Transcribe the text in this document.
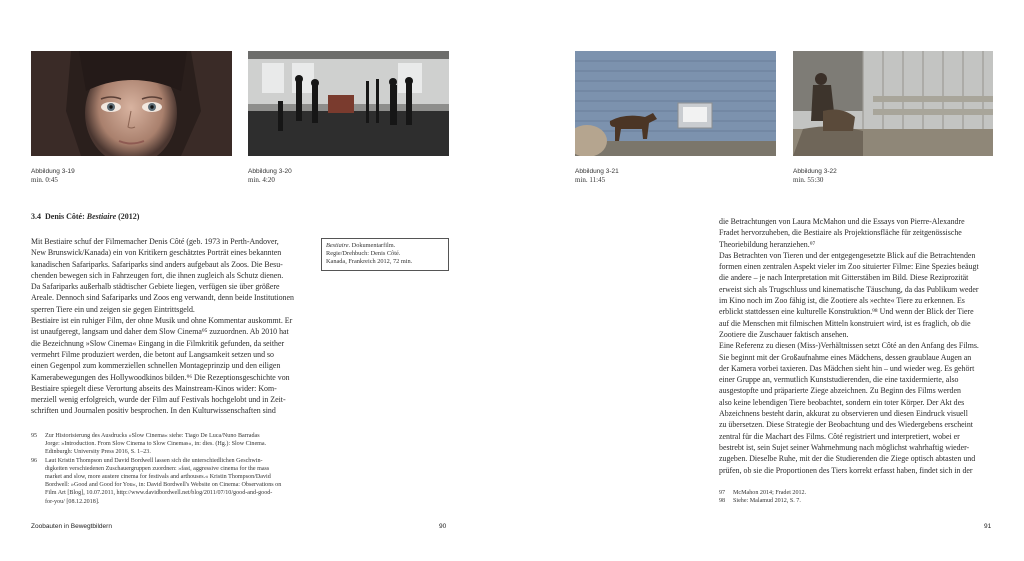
Abbildung 3-19
min. 0:45
Abbildung 3-20
min. 4:20
3.4 Denis Côté: Bestiaire (2012)

Mit Bestiaire schuf der Filmemacher Denis Côté (geb. 1973 in Perth-Andover,

New Brunswick/Kanada) ein von Kritikern geschätztes Porträt eines bekannten

kanadischen Safariparks. Safariparks sind anders aufgebaut als Zoos. Die Besu-

chenden bewegen sich in Fahrzeugen fort, die ihnen zugleich als Schutz dienen.

Da Safariparks außerhalb städtischer Gebiete liegen, verfügen sie über größere

Areale. Dennoch sind Safariparks und Zoos eng verwandt, denn beide Institutionen

sperren Tiere ein und zeigen sie gegen Eintrittsgeld.

Bestiaire ist ein ruhiger Film, der ohne Musik und ohne Kommentar auskommt. Er

ist unaufgeregt, langsam und daher dem Slow Cinema⁹⁵ zuzuordnen. Ab 2010 hat

die Bezeichnung »Slow Cinema« Eingang in die Filmkritik gefunden, da seither

vermehrt Filme produziert werden, die betont auf Langsamkeit setzen und so

einen Gegenpol zum kommerziellen schnellen Montageprinzip und den eiligen

Kamerabewegungen des Hollywoodkinos bilden.⁹⁶ Die Rezeptionsgeschichte von

Bestiaire spiegelt diese Verortung abseits des Mainstream-Kinos wider: Kom-

merziell wenig erfolgreich, wurde der Film auf Festivals hochgelobt und in Zeit-

schriften und Journalen positiv besprochen. In den Kulturwissenschaften sind

Bestiaire. Dokumentarfilm.
Regie/Drehbuch: Denis Côté.
Kanada, Frankreich 2012, 72 min.
95	Zur Historisierung des Ausdrucks »Slow Cinema« siehe: Tiago De Luca/Nuno Barradas
Jorge: »Introduction. From Slow Cinema to Slow Cinemas«, in: dies. (Hg.): Slow Cinema.
Edinburgh: University Press 2016, S. 1–23.
96	Laut Kristin Thompson und David Bordwell lassen sich die unterschiedlichen Geschwin-
digkeiten verschiedenen Zuschauergruppen zuordnen: »fast, aggressive cinema for the mass
market and slow, more austere cinema for festivals and arthouses.« Kristin Thompson/David
Bordwell: »Good and Good for You«, in: David Bordwell's Website on Cinema: Observations on
Film Art [Blog], 10.07.2011, http://www.davidbordwell.net/blog/2011/07/10/good-and-good-
for-you/ [08.12.2018].
Zoobauten in Bewegtbildern	90
Abbildung 3-21
min. 11:45
Abbildung 3-22
min. 55:30

die Betrachtungen von Laura McMahon und die Essays von Pierre-Alexandre

Fradet hervorzuheben, die Bestiaire als Projektionsfläche für zeitgenössische

Theoriebildung heranziehen.⁹⁷

Das Betrachten von Tieren und der entgegengesetzte Blick auf die Betrachtenden

formen einen zentralen Aspekt vieler im Zoo situierter Filme: Eine Spezies beäugt

die andere – je nach Interpretation mit Gitterstäben im Bild. Diese Reziprozität

erweist sich als Trugschluss und kinematische Täuschung, da das Publikum weder

im Kino noch im Zoo fähig ist, die Zootiere als »echte« Tiere zu erkennen. Es

erblickt stattdessen eine kulturelle Konstruktion.⁹⁸ Und wenn der Blick der Tiere

auf die Menschen mit filmischen Mitteln konstruiert wird, ist es fraglich, ob die

Zootiere die Zuschauer faktisch ansehen.

Eine Referenz zu diesen (Miss-)Verhältnissen setzt Côté an den Anfang des Films.

Sie beginnt mit der Großaufnahme eines Mädchens, dessen graublaue Augen an

der Kamera vorbei taxieren. Das Mädchen sieht hin – und wieder weg. Es gehört

einer Gruppe an, vermutlich Kunststudierenden, die eine taxidermierte, also

ausgestopfte und präparierte Ziege abzeichnen. Zu Beginn des Films werden

also keine lebendigen Tiere beobachtet, sondern ein toter Körper. Der Akt des

Abzeichnens besteht darin, akkurat zu observieren und diesen Eindruck visuell

zu übersetzen. Diese Strategie der Beobachtung und des Wiedergebens erscheint

zentral für die Machart des Films. Côté registriert und interpretiert, wobei er

bestrebt ist, sein Sujet seiner Wahrnehmung nach möglichst wahrhaftig wieder-

zugeben. Dieselbe Ruhe, mit der die Studierenden die Ziege optisch abtasten und

prüfen, ob sie die Proportionen des Tiers korrekt erfasst haben, findet sich in der

97	McMahon 2014; Fradet 2012.
98	Siehe: Malamud 2012, S. 7.
91
